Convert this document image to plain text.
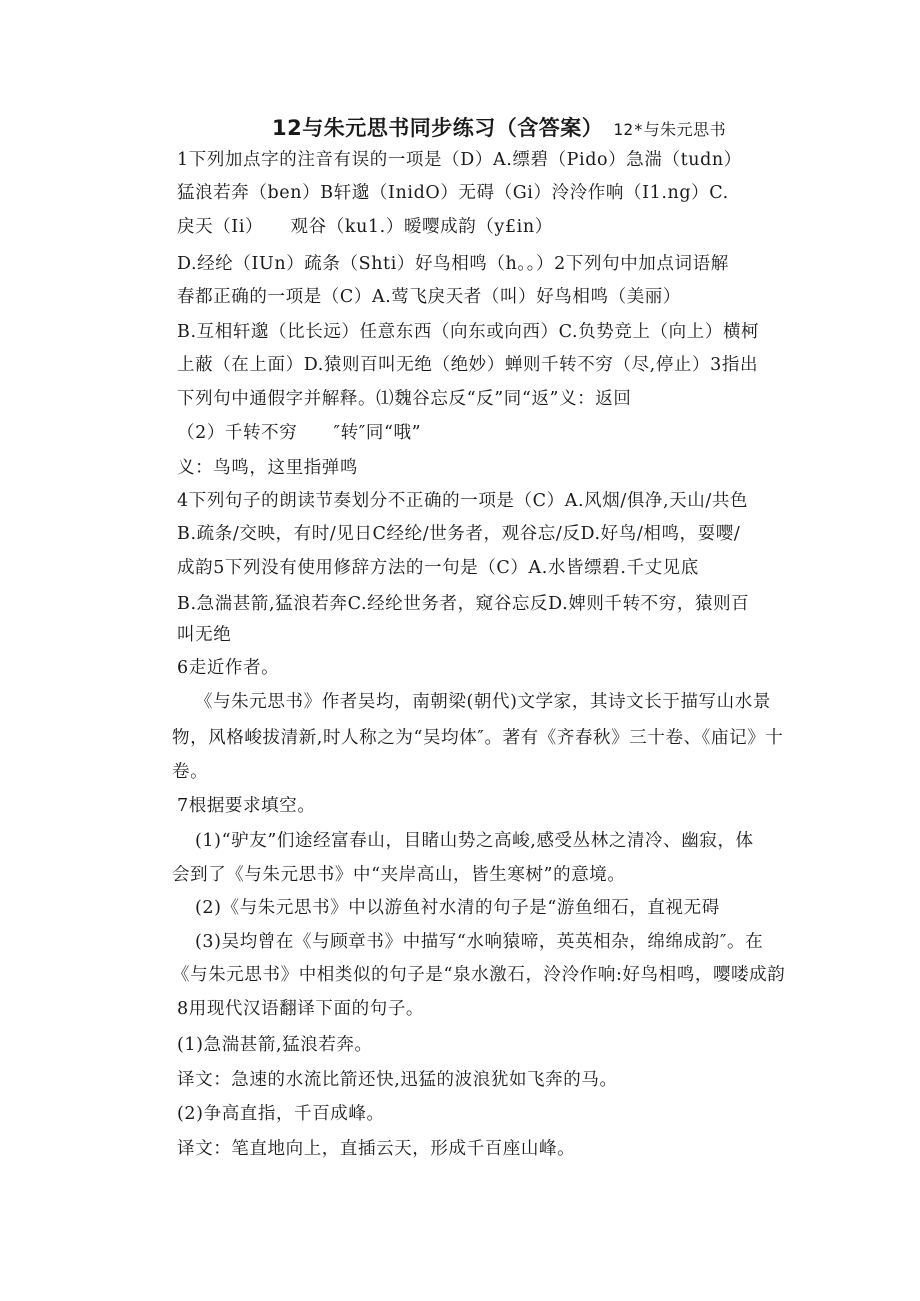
12与朱元思书同步练习（含答案） 12*与朱元思书
1下列加点字的注音有误的一项是（D）A.缥碧（Pido）急湍（tudn）
猛浪若奔（ben）B轩邈（InidO）无碍（Gi）泠泠作响（I1.ng）C.
戾天（Ii）　　观谷（ku1.）暧嘤成韵（y£in）
D.经纶（IUn）疏条（Shti）好鸟相鸣（h。。）2下列句中加点词语解
春都正确的一项是（C）A.莺飞戾天者（叫）好鸟相鸣（美丽）
B.互相轩邈（比长远）任意东西（向东或向西）C.负势竞上（向上）横柯
上蔽（在上面）D.猿则百叫无绝（绝妙）蝉则千转不穷（尽,停止）3指出
下列句中通假字并解释。⑴魏谷忘反“反”同“返”义：返回
（2）千转不穷　　″转″同“哦”
义：鸟鸣，这里指弹鸣
4下列句子的朗读节奏划分不正确的一项是（C）A.风烟/俱净,天山/共色
B.疏条/交映，有时/见日C经纶/世务者，观谷忘/反D.好鸟/相鸣，耍嘤/
成韵5下列没有使用修辞方法的一句是（C）A.水皆缥碧.千丈见底
B.急湍甚箭,猛浪若奔C.经纶世务者，窥谷忘反D.婢则千转不穷，猿则百
叫无绝
6走近作者。
《与朱元思书》作者吴均，南朝梁(朝代)文学家，其诗文长于描写山水景
物，风格峻拔清新,时人称之为“吴均体″。著有《齐春秋》三十卷、《庙记》十
卷。
7根据要求填空。
(1)“驴友”们途经富春山，目睹山势之高峻,感受丛林之清冷、幽寂，体
会到了《与朱元思书》中“夹岸高山，皆生寒树”的意境。
(2)《与朱元思书》中以游鱼衬水清的句子是“游鱼细石，直视无碍
(3)吴均曾在《与顾章书》中描写“水响猿啼，英英相杂，绵绵成韵″。在
《与朱元思书》中相类似的句子是“泉水激石，泠泠作响:好鸟相鸣，嘤喽成韵
8用现代汉语翻译下面的句子。
(1)急湍甚箭,猛浪若奔。
译文：急速的水流比箭还快,迅猛的波浪犹如飞奔的马。
(2)争高直指，千百成峰。
译文：笔直地向上，直插云天，形成千百座山峰。
